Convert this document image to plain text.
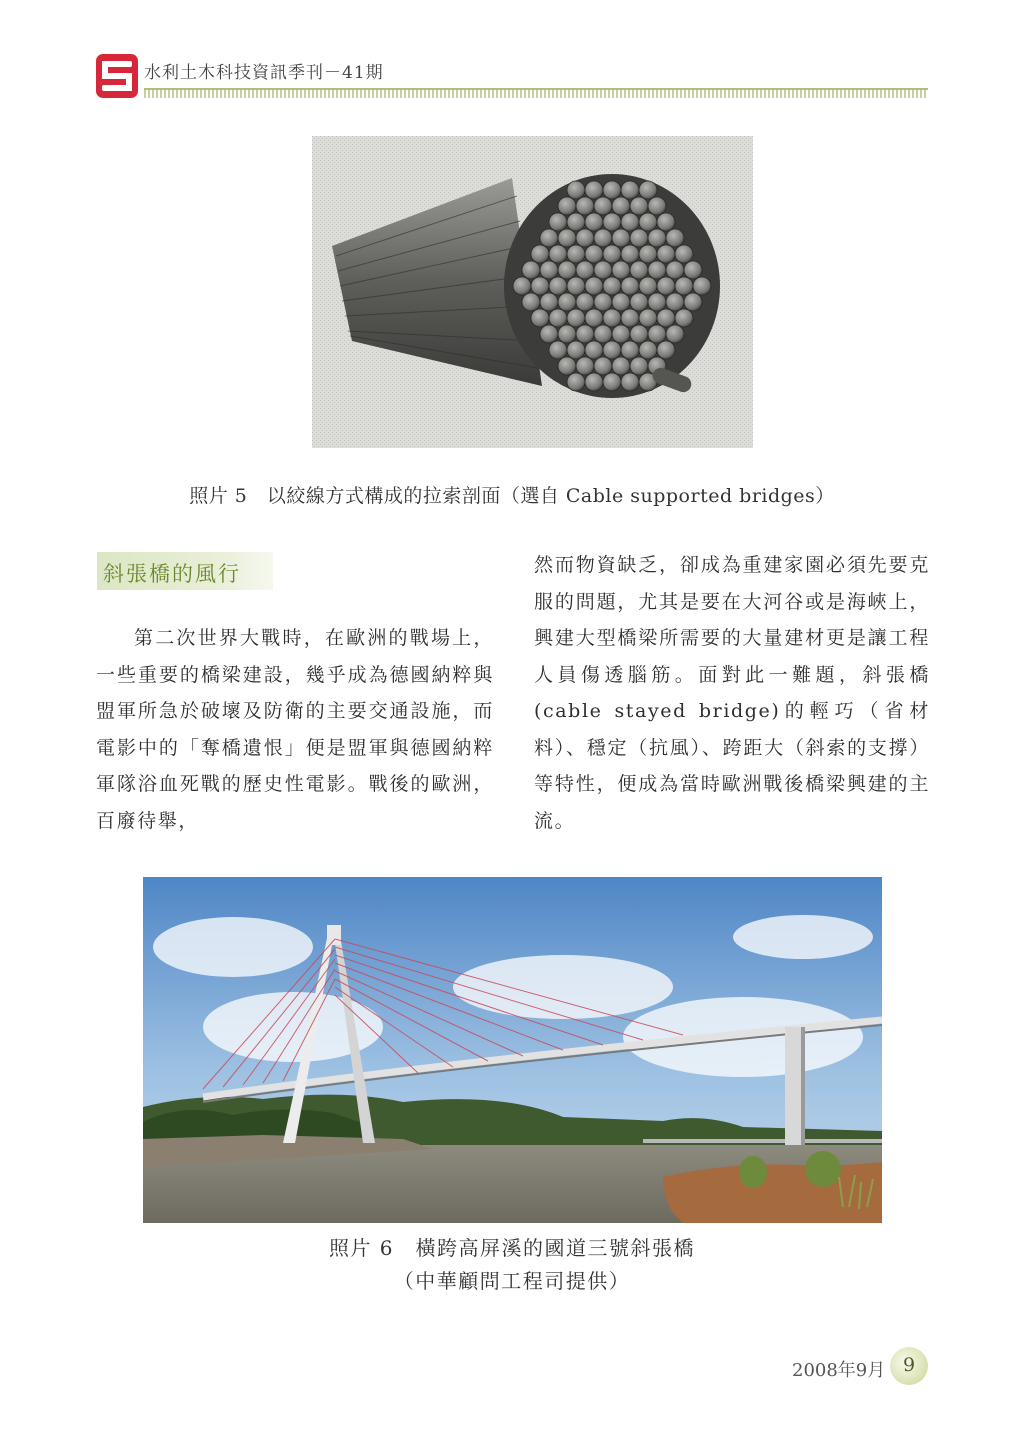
水利土木科技資訊季刊－41期
照片 5　以絞線方式構成的拉索剖面（選自 Cable supported bridges）
斜張橋的風行
第二次世界大戰時，在歐洲的戰場上，一些重要的橋梁建設，幾乎成為德國納粹與盟軍所急於破壞及防衛的主要交通設施，而電影中的「奪橋遺恨」便是盟軍與德國納粹軍隊浴血死戰的歷史性電影。戰後的歐洲，百廢待舉，
然而物資缺乏，卻成為重建家園必須先要克服的問題，尤其是要在大河谷或是海峽上，興建大型橋梁所需要的大量建材更是讓工程人員傷透腦筋。面對此一難題，斜張橋(cable stayed bridge)的輕巧（省材料）、穩定（抗風）、跨距大（斜索的支撐）等特性，便成為當時歐洲戰後橋梁興建的主流。
照片 6　橫跨高屏溪的國道三號斜張橋
（中華顧問工程司提供）
2008年9月 9
